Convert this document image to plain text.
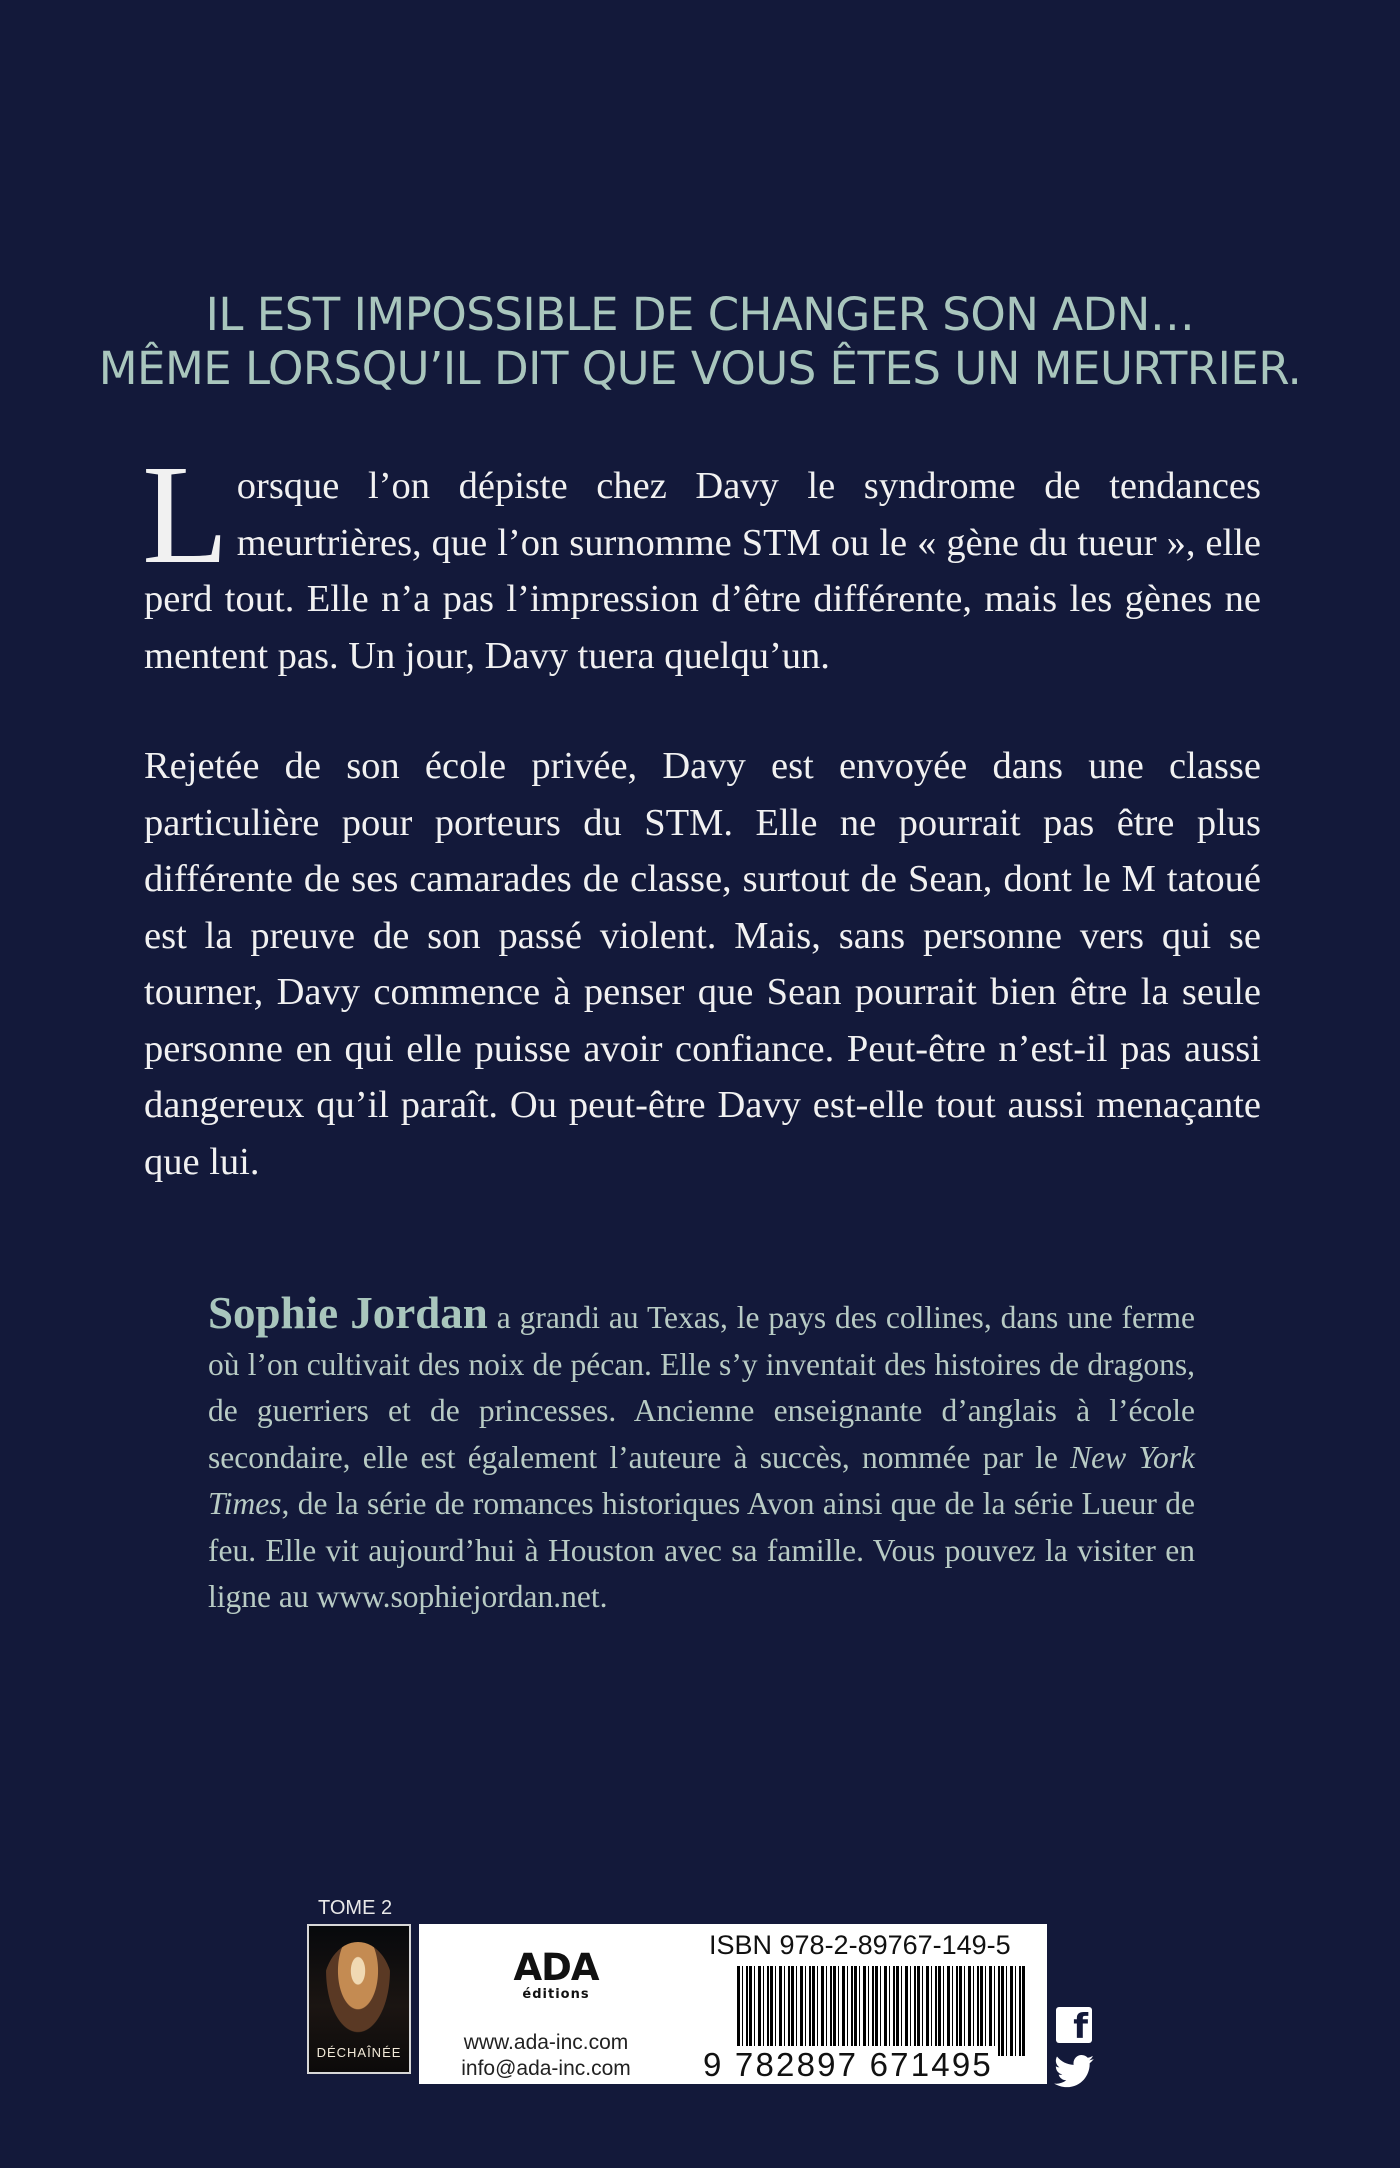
IL EST IMPOSSIBLE DE CHANGER SON ADN…
MÊME LORSQU’IL DIT QUE VOUS ÊTES UN MEURTRIER.

Lorsque l’on dépiste chez Davy le syndrome de tendances meurtrières, que l’on surnomme STM ou le « gène du tueur », elle perd tout. Elle n’a pas l’impression d’être différente, mais les gènes ne mentent pas. Un jour, Davy tuera quelqu’un.

Rejetée de son école privée, Davy est envoyée dans une classe particulière pour porteurs du STM. Elle ne pourrait pas être plus différente de ses camarades de classe, surtout de Sean, dont le M tatoué est la preuve de son passé violent. Mais, sans personne vers qui se tourner, Davy commence à penser que Sean pourrait bien être la seule personne en qui elle puisse avoir confiance. Peut-être n’est-il pas aussi dangereux qu’il paraît. Ou peut-être Davy est-elle tout aussi menaçante que lui.

Sophie Jordan a grandi au Texas, le pays des collines, dans une ferme où l’on cultivait des noix de pécan. Elle s’y inventait des histoires de dragons, de guerriers et de princesses. Ancienne enseignante d’anglais à l’école secondaire, elle est également l’auteure à succès, nommée par le New York Times, de la série de romances historiques Avon ainsi que de la série Lueur de feu. Elle vit aujourd’hui à Houston avec sa famille. Vous pouvez la visiter en ligne au www.sophiejordan.net.
TOME 2
DÉCHAÎNÉE
ADA
éditions
www.ada-inc.com
info@ada-inc.com
ISBN 978-2-89767-149-5
9 782897 671495
f
